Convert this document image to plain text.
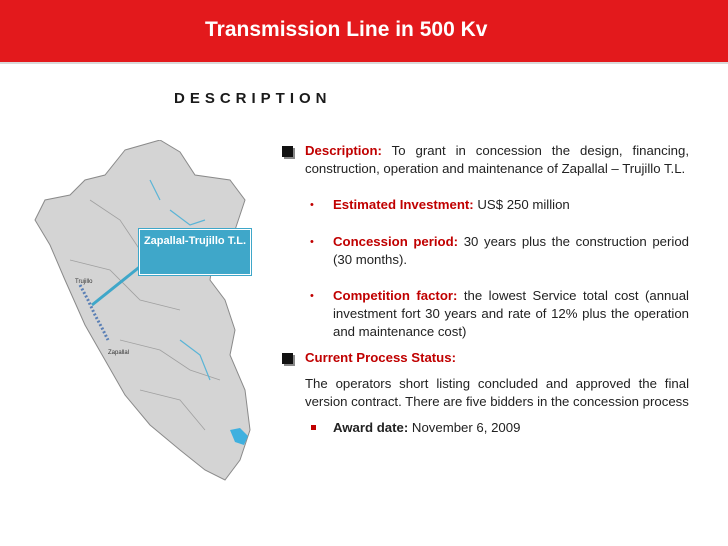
Transmission Line in 500 Kv
DESCRIPTION
Zapallal-Trujillo T.L.
Trujillo
Zapallal
Description: To grant in concession the design, financing, construction, operation and maintenance of Zapallal – Trujillo T.L.
• Estimated Investment: US$ 250 million
• Concession period: 30 years plus the construction period (30 months).
• Competition factor: the lowest Service total cost (annual investment fort 30 years and rate of 12% plus the operation and maintenance cost)
Current Process Status:
The operators short listing concluded and approved the final version contract. There are five bidders in the concession process
Award date: November 6, 2009
